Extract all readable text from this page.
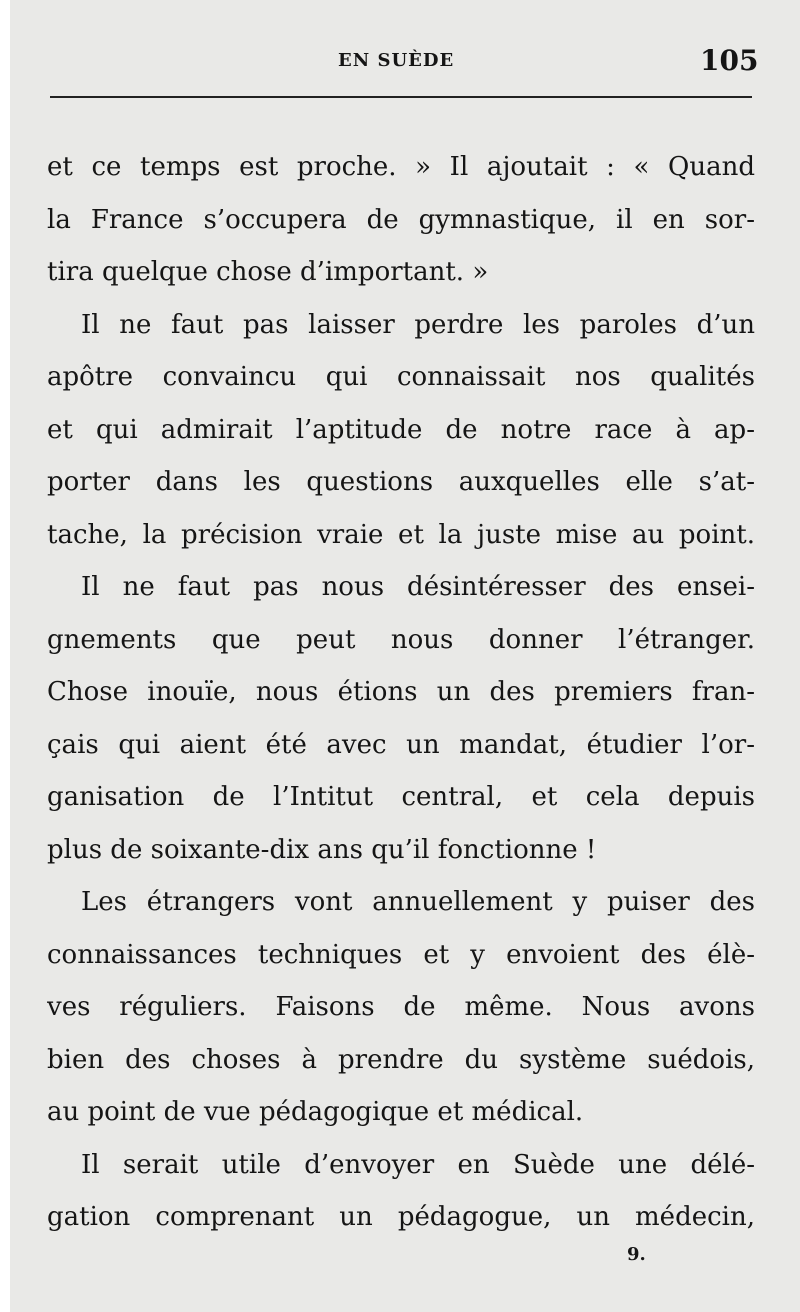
EN SUÈDE	105
et ce temps est proche. » Il ajoutait : « Quand
la France s’occupera de gymnastique, il en sor-
tira quelque chose d’important. »
Il ne faut pas laisser perdre les paroles d’un
apôtre convaincu qui connaissait nos qualités
et qui admirait l’aptitude de notre race à ap-
porter dans les questions auxquelles elle s’at-
tache, la précision vraie et la juste mise au point.
Il ne faut pas nous désintéresser des ensei-
gnements que peut nous donner l’étranger.
Chose inouïe, nous étions un des premiers fran-
çais qui aient été avec un mandat, étudier l’or-
ganisation de l’Intitut central, et cela depuis
plus de soixante-dix ans qu’il fonctionne !
Les étrangers vont annuellement y puiser des
connaissances techniques et y envoient des élè-
ves réguliers. Faisons de même. Nous avons
bien des choses à prendre du système suédois,
au point de vue pédagogique et médical.
Il serait utile d’envoyer en Suède une délé-
gation comprenant un pédagogue, un médecin,
9.
